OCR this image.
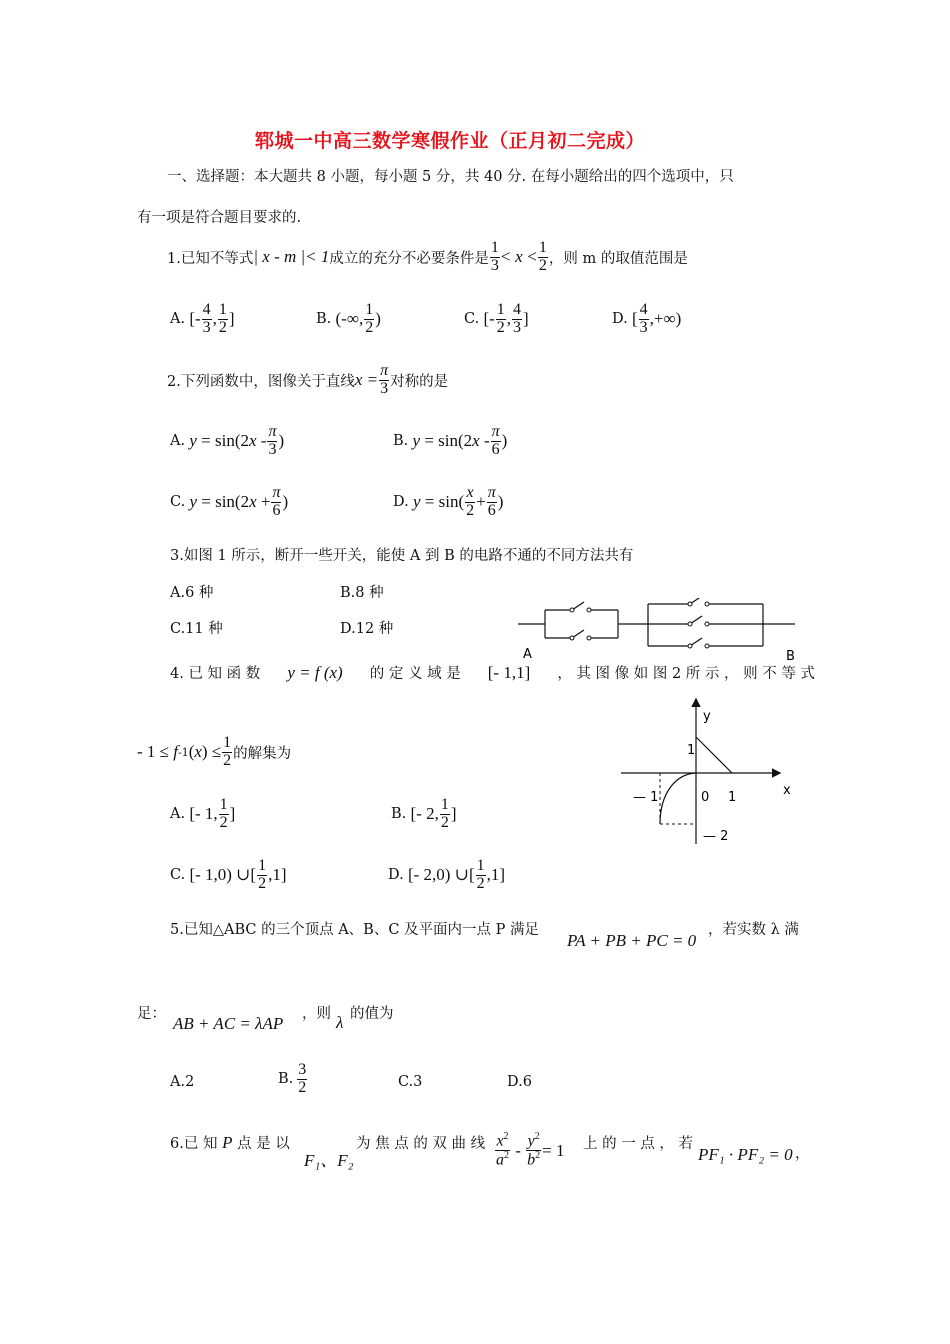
郓城一中高三数学寒假作业（正月初二完成）
一、选择题：本大题共 8 小题，每小题 5 分，共 40 分. 在每小题给出的四个选项中，只
有一项是符合题目要求的.
1.已知不等式 | x - m |< 1 成立的充分不必要条件是 $\frac{1}{3}$ <
x
< $\frac{1}{2}$ ，则 m 的取值范围是
A. [- $\frac{4}{3}$ , $\frac{1}{2}$ ]	B. (-∞, $\frac{1}{2}$ )	C. [- $\frac{1}{2}$ , $\frac{4}{3}$ ]	D. [ $\frac{4}{3}$ ,+∞)
2.下列函数中，图像关于直线 $x = \frac{\pi}{3}$ 对称的是
A. $y = \sin(2x - \frac{\pi}{3}$ )	B. $y = \sin(2x - \frac{\pi}{6}$ )
C. $y = \sin(2x + \frac{\pi}{6}$ )	D. $y = \sin( \frac{x}{2} + \frac{\pi}{6}$ )
3.如图 1 所示，断开一些开关，能使 A 到 B 的电路不通的不同方法共有
A.6 种	B.8 种
C.11 种	D.12 种
A	B
4. 已 知 函 数 y = f (x) 的 定 义 域 是 [- 1,1] ， 其 图 像 如 图 2 所 示 ， 则 不 等 式
- 1 ≤ f -1 $(x) \le \frac{1}{2}$ 的解集为
A. [- 1, $\frac{1}{2}$ ]	B. [- 2, $\frac{1}{2}$ ]
C. [- 1,0) ∪[ $\frac{1}{2} ,1$]	D. [- 2,0) ∪[ $\frac{1}{2} ,1$]
y
x
1
0 1
— 1
— 2
5.已知△ABC 的三个顶点 A、B、C 及平面内一点 P 满足
PA + PB + PC = 0
，若实数 λ 满
足： AB + AC = λAP ，则 λ 的值为
A.2	B. $\frac{3}{2}$	C.3	D.6
6.已 知
P
点 是 以
F₁、F₂
为 焦 点 的 双 曲 线 $\frac{x^2}{a^2} - \frac{y^2}{b^2} = 1$ 上 的 一 点 ， 若
PF₁ · PF₂ = 0 ，
